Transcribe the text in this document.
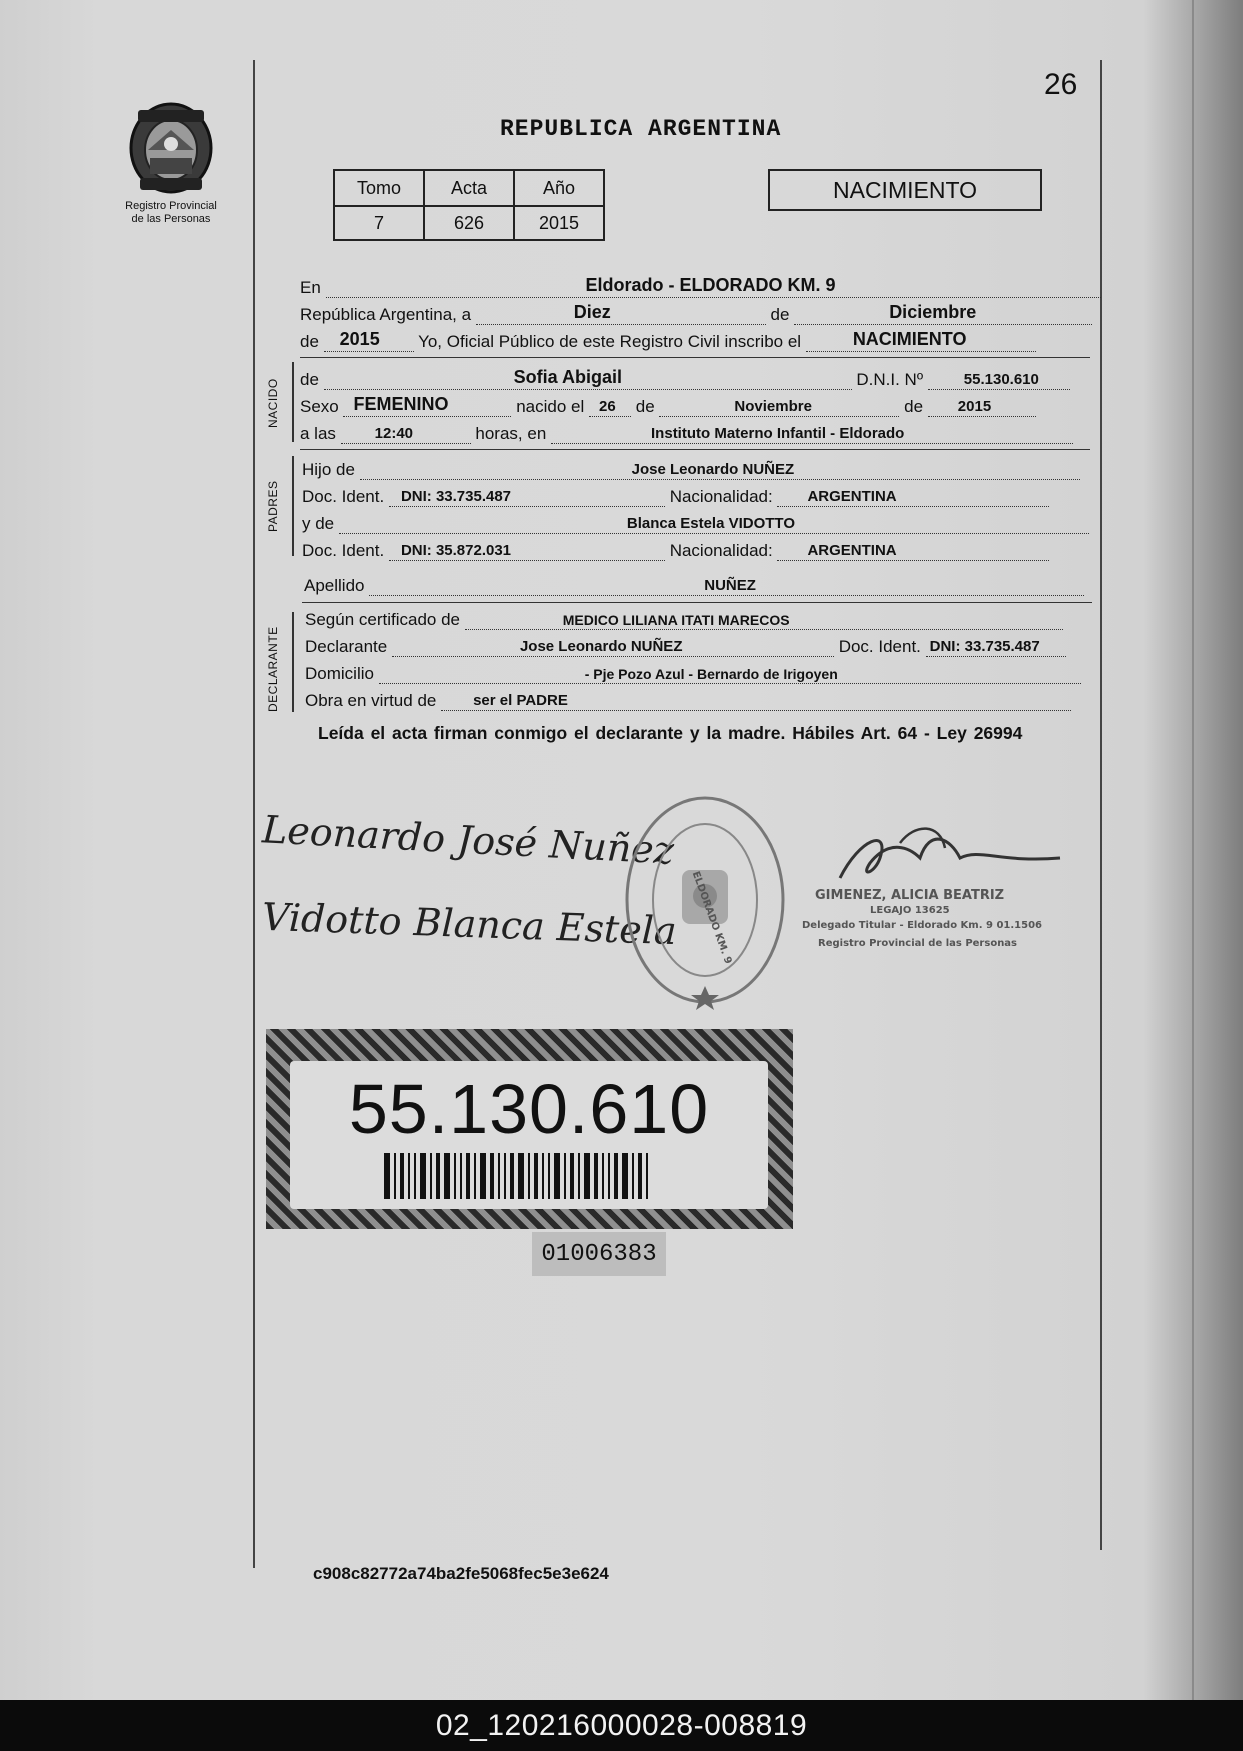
26
Registro Provincial
de las Personas
REPUBLICA ARGENTINA
Tomo	Acta	Año
7	626	2015
NACIMIENTO
En	Eldorado - ELDORADO KM. 9
República Argentina, a	Diez	de	Diciembre
de 2015 Yo, Oficial Público de este Registro Civil inscribo el	NACIMIENTO
NACIDO de	Sofia Abigail	D.N.I. Nº	55.130.610
Sexo FEMENINO	nacido el 26 de	Noviembre	de 2015
a las	12:40	horas, en	Instituto Materno Infantil - Eldorado
PADRES
Hijo de	Jose Leonardo NUÑEZ
Doc. Ident. DNI: 33.735.487	Nacionalidad: ARGENTINA
y de	Blanca Estela VIDOTTO
Doc. Ident. DNI: 35.872.031	Nacionalidad: ARGENTINA
Apellido	NUÑEZ
DECLARANTE
Según certificado de	MEDICO LILIANA ITATI MARECOS
Declarante	Jose Leonardo NUÑEZ	Doc. Ident. DNI: 33.735.487
Domicilio	- Pje Pozo Azul - Bernardo de Irigoyen
Obra en virtud de ser el PADRE
Leída el acta firman conmigo el declarante y la madre. Hábiles Art. 64 - Ley 26994
Leonardo José Nuñez
Vidotto Blanca Estela ELDORADO KM. 9	GIMENEZ, ALICIA BEATRIZ
LEGAJO 13625
Delegado Titular - Eldorado Km. 9 01.1506
Registro Provincial de las Personas
55.130.610
01006383
c908c82772a74ba2fe5068fec5e3e624
02_120216000028-008819
